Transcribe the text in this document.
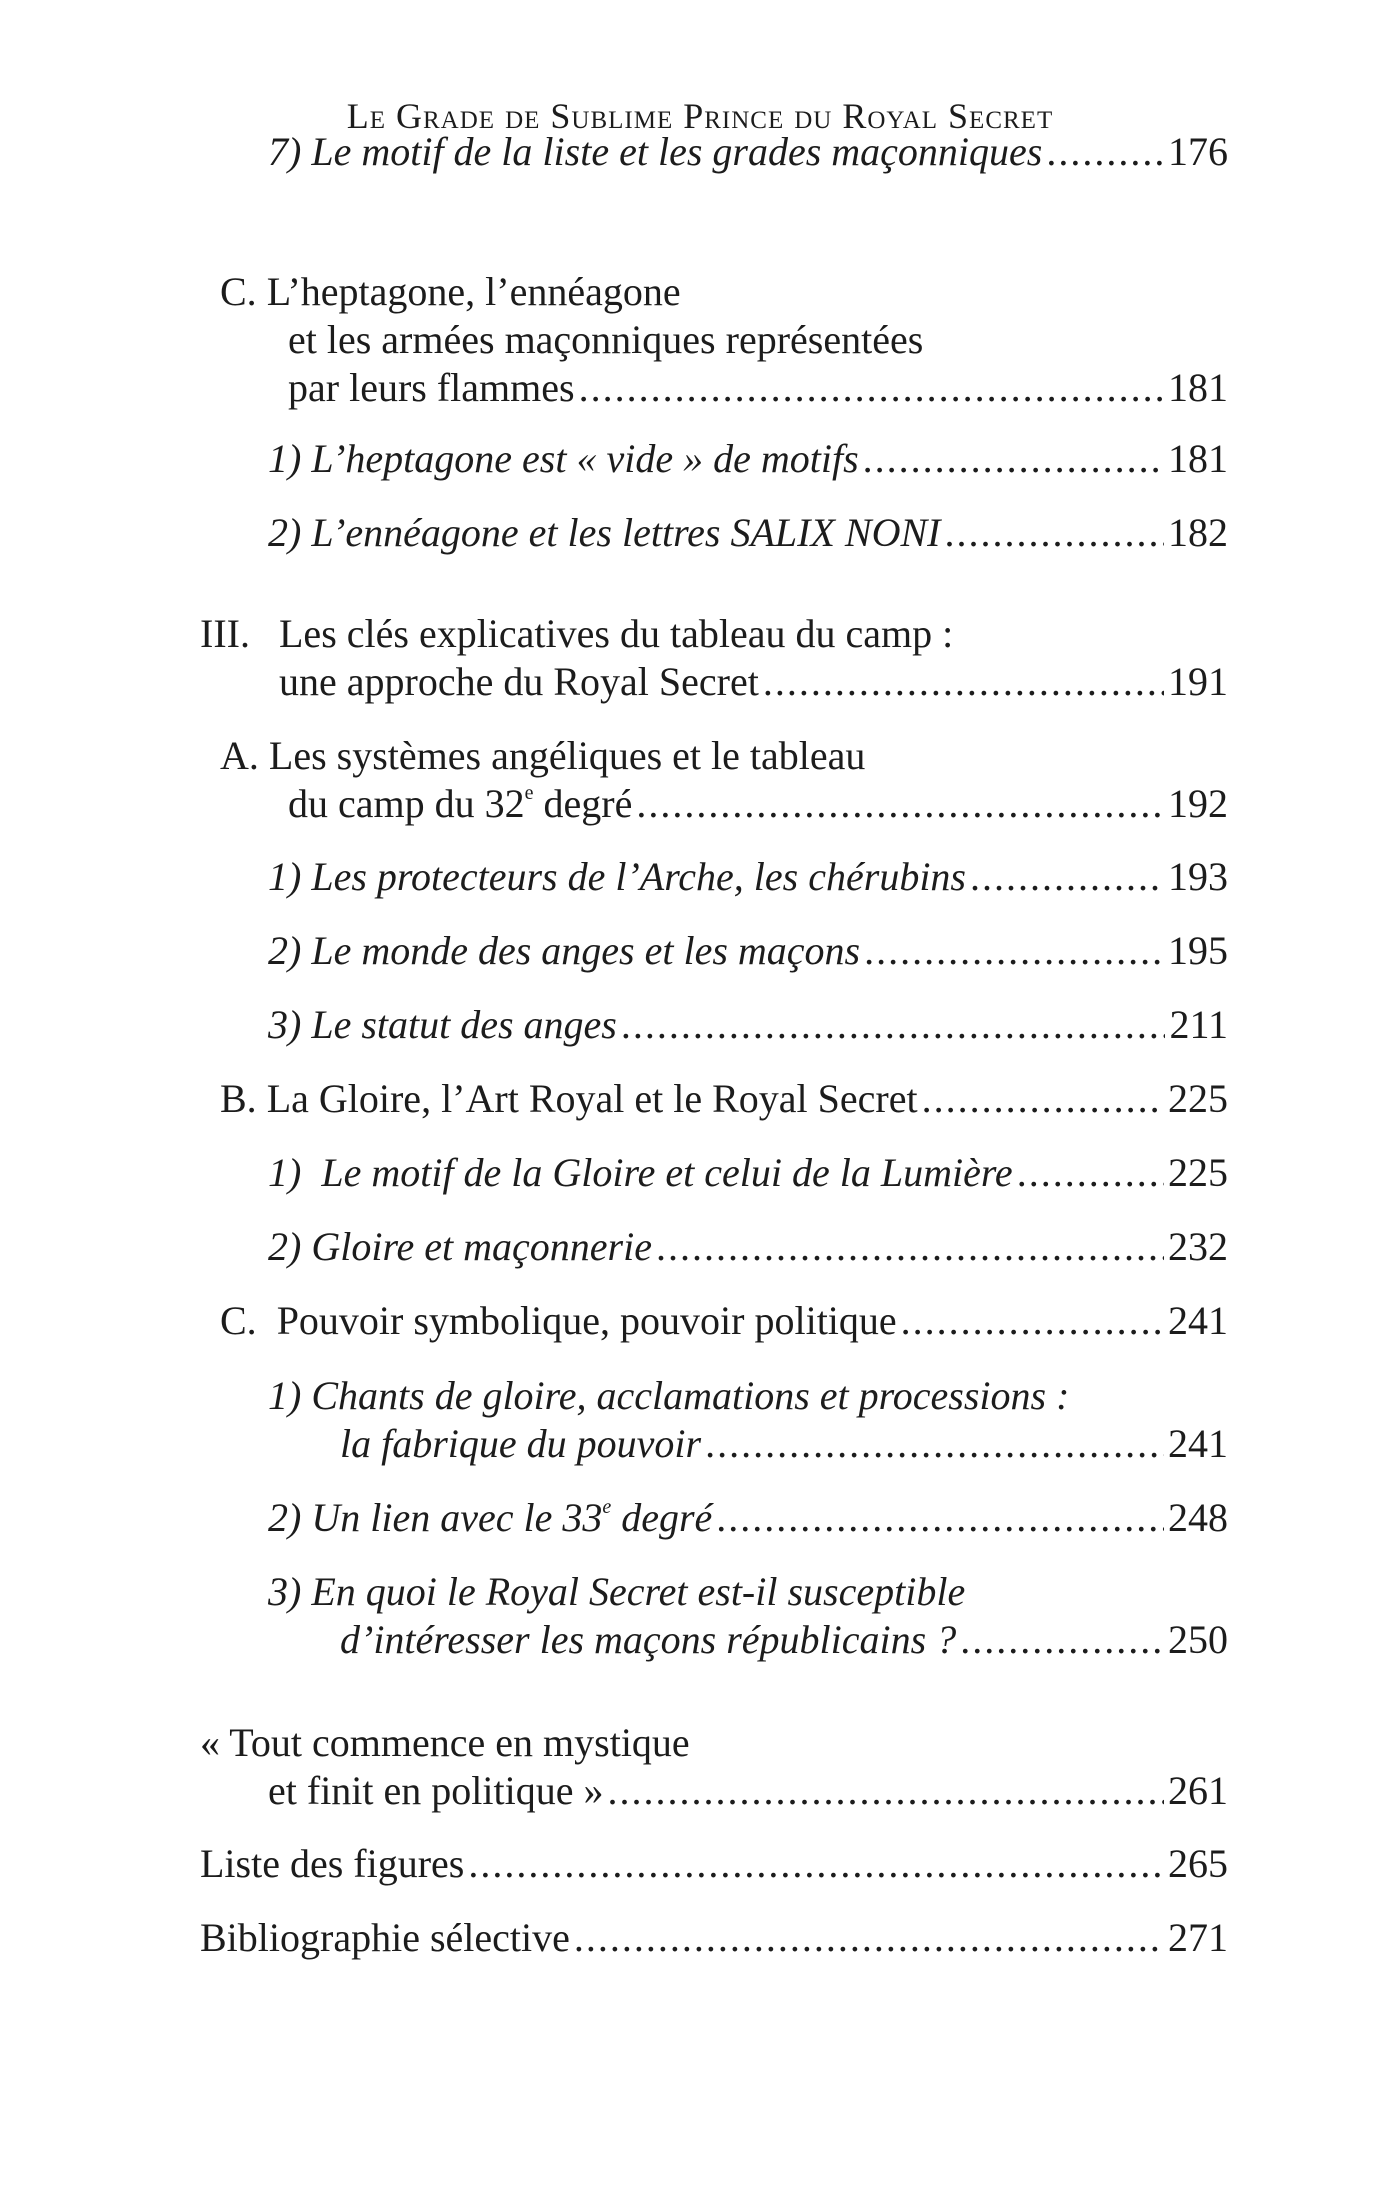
Le Grade de Sublime Prince du Royal Secret
7) Le motif de la liste et les grades maçonniques .....	176
C. L’heptagone, l’ennéagone
et les armées maçonniques représentées
par leurs flammes .....	181
1) L’heptagone est « vide » de motifs .....	181
2) L’ennéagone et les lettres SALIX NONI .....	182
III. Les clés explicatives du tableau du camp :
une approche du Royal Secret .....	191
A. Les systèmes angéliques et le tableau
du camp du 32e degré .....	192
1) Les protecteurs de l’Arche, les chérubins .....	193
2) Le monde des anges et les maçons .....	195
3) Le statut des anges .....	211
B. La Gloire, l’Art Royal et le Royal Secret .....	225
1) Le motif de la Gloire et celui de la Lumière .....	225
2) Gloire et maçonnerie .....	232
C. Pouvoir symbolique, pouvoir politique .....	241
1) Chants de gloire, acclamations et processions :
la fabrique du pouvoir .....	241
2) Un lien avec le 33e degré .....	248
3) En quoi le Royal Secret est-il susceptible
d’intéresser les maçons républicains ? .....	250
« Tout commence en mystique
et finit en politique » .....	261
Liste des figures .....	265
Bibliographie sélective .....	271
